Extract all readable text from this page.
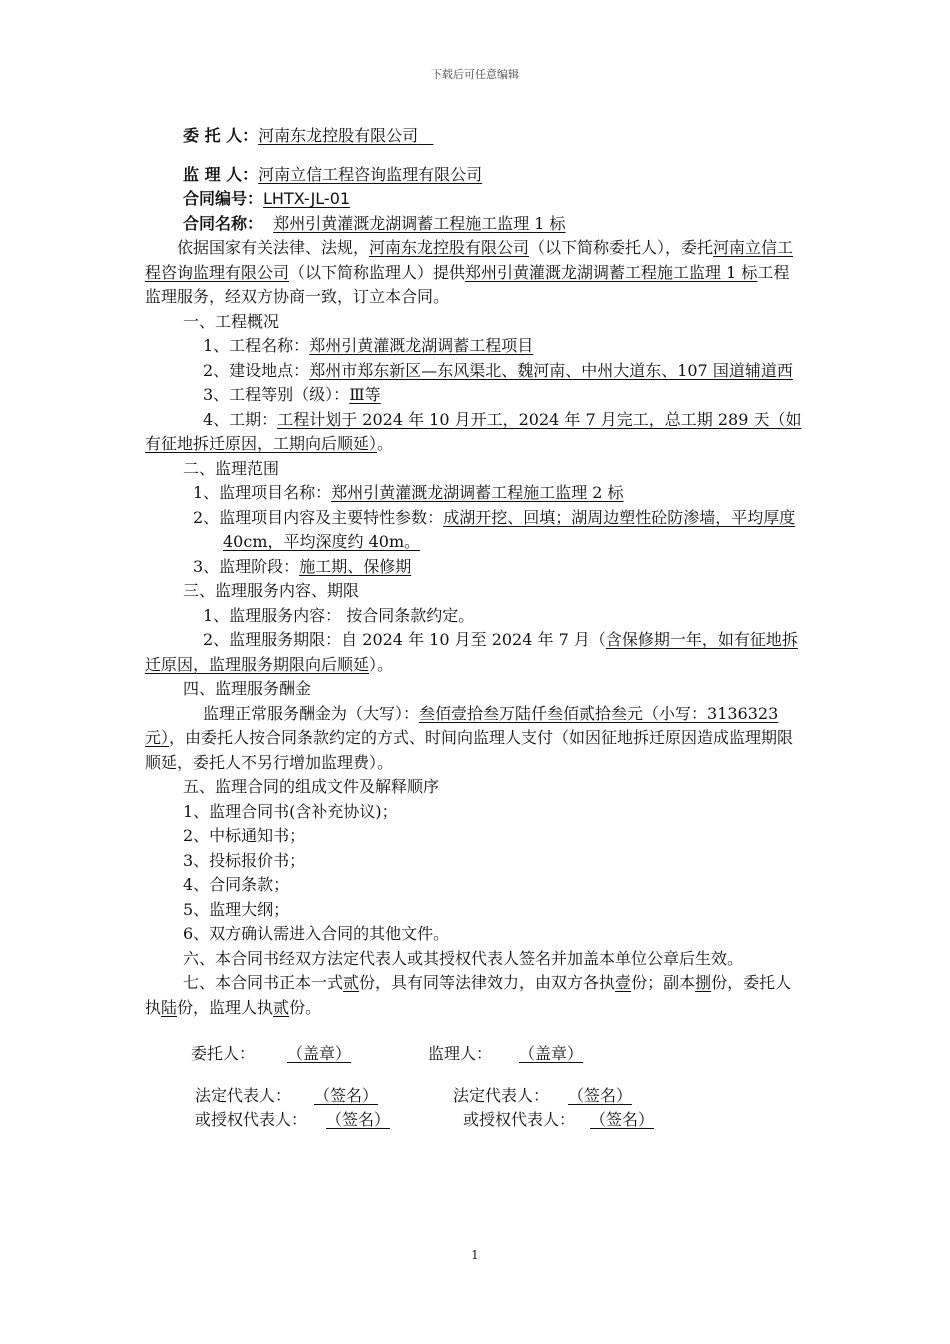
下载后可任意编辑

委 托 人：河南东龙控股有限公司

监 理 人：河南立信工程咨询监理有限公司

合同编号：LHTX-JL-01

合同名称： 郑州引黄灌溉龙湖调蓄工程施工监理 1 标

依据国家有关法律、法规，河南东龙控股有限公司（以下简称委托人），委托河南立信工程咨询监理有限公司（以下简称监理人）提供郑州引黄灌溉龙湖调蓄工程施工监理 1 标工程监理服务，经双方协商一致，订立本合同。

一、工程概况

1、工程名称：郑州引黄灌溉龙湖调蓄工程项目

2、建设地点：郑州市郑东新区—东风渠北、魏河南、中州大道东、107 国道辅道西

3、工程等别（级）：Ⅲ等

4、工期：工程计划于 2024 年 10 月开工，2024 年 7 月完工，总工期 289 天（如有征地拆迁原因，工期向后顺延）。

二、监理范围

1、监理项目名称：郑州引黄灌溉龙湖调蓄工程施工监理 2 标

2、监理项目内容及主要特性参数：成湖开挖、回填；湖周边塑性砼防渗墙，平均厚度 40cm，平均深度约 40m。

3、监理阶段：施工期、保修期

三、监理服务内容、期限

1、监理服务内容： 按合同条款约定。

2、监理服务期限：自 2024 年 10 月至 2024 年 7 月（含保修期一年，如有征地拆迁原因，监理服务期限向后顺延）。

四、监理服务酬金

监理正常服务酬金为（大写）：叁佰壹拾叁万陆仟叁佰贰拾叁元（小写：3136323 元），由委托人按合同条款约定的方式、时间向监理人支付（如因征地拆迁原因造成监理期限顺延，委托人不另行增加监理费）。

五、监理合同的组成文件及解释顺序

1、监理合同书(含补充协议)；

2、中标通知书；

3、投标报价书；

4、合同条款；

5、监理大纲；

6、双方确认需进入合同的其他文件。

六、本合同书经双方法定代表人或其授权代表人签名并加盖本单位公章后生效。

七、本合同书正本一式贰份，具有同等法律效力，由双方各执壹份；副本捌份，委托人执陆份，监理人执贰份。

委托人： （盖章）	监理人： （盖章）
法定代表人： （签名）	法定代表人： （签名）
或授权代表人： （签名）	或授权代表人： （签名）
1
